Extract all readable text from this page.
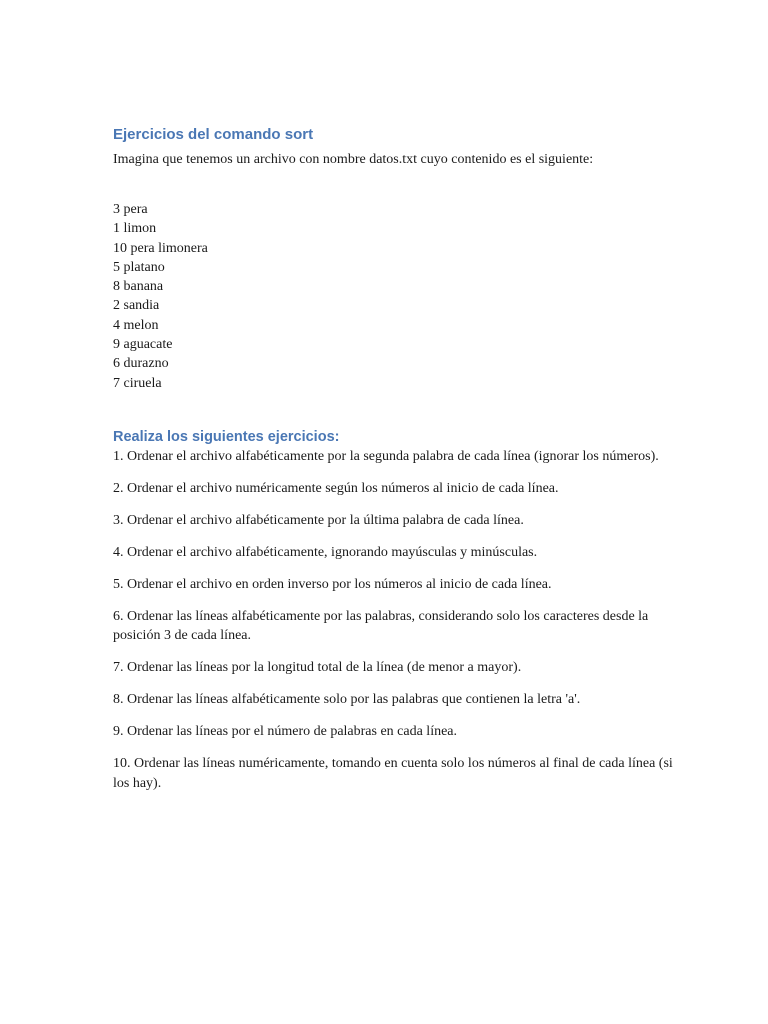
Ejercicios del comando sort

Imagina que tenemos un archivo con nombre datos.txt cuyo contenido es el siguiente:

3 pera
1 limon
10 pera limonera
5 platano
8 banana
2 sandia
4 melon
9 aguacate
6 durazno
7 ciruela
Realiza los siguientes ejercicios:
1. Ordenar el archivo alfabéticamente por la segunda palabra de cada línea (ignorar los números).
2. Ordenar el archivo numéricamente según los números al inicio de cada línea.
3. Ordenar el archivo alfabéticamente por la última palabra de cada línea.
4. Ordenar el archivo alfabéticamente, ignorando mayúsculas y minúsculas.
5. Ordenar el archivo en orden inverso por los números al inicio de cada línea.
6. Ordenar las líneas alfabéticamente por las palabras, considerando solo los caracteres desde la posición 3 de cada línea.
7. Ordenar las líneas por la longitud total de la línea (de menor a mayor).
8. Ordenar las líneas alfabéticamente solo por las palabras que contienen la letra 'a'.
9. Ordenar las líneas por el número de palabras en cada línea.
10. Ordenar las líneas numéricamente, tomando en cuenta solo los números al final de cada línea (si los hay).
